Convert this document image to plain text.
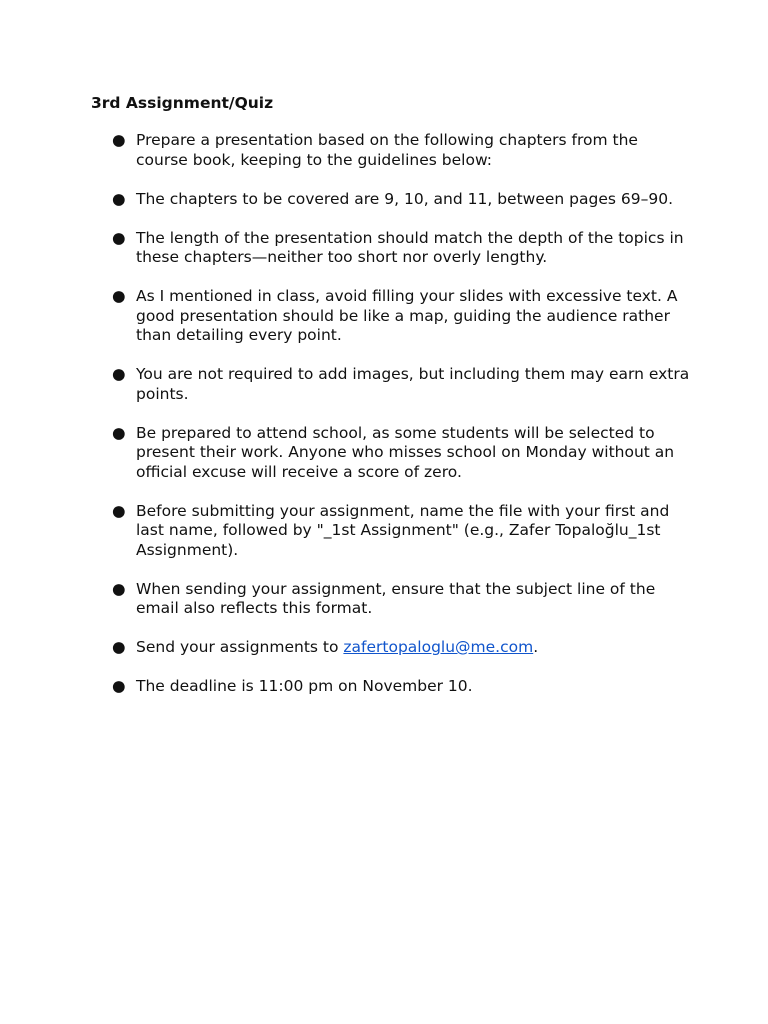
3rd Assignment/Quiz
● Prepare a presentation based on the following chapters from the course book, keeping to the guidelines below:
● The chapters to be covered are 9, 10, and 11, between pages 69–90.
● The length of the presentation should match the depth of the topics in these chapters—neither too short nor overly lengthy.
● As I mentioned in class, avoid filling your slides with excessive text. A good presentation should be like a map, guiding the audience rather than detailing every point.
● You are not required to add images, but including them may earn extra points.
● Be prepared to attend school, as some students will be selected to present their work. Anyone who misses school on Monday without an official excuse will receive a score of zero.
● Before submitting your assignment, name the file with your first and last name, followed by "_1st Assignment" (e.g., Zafer Topaloğlu_1st Assignment).
● When sending your assignment, ensure that the subject line of the email also reflects this format.
● Send your assignments to zafertopaloglu@me.com.
● The deadline is 11:00 pm on November 10.
